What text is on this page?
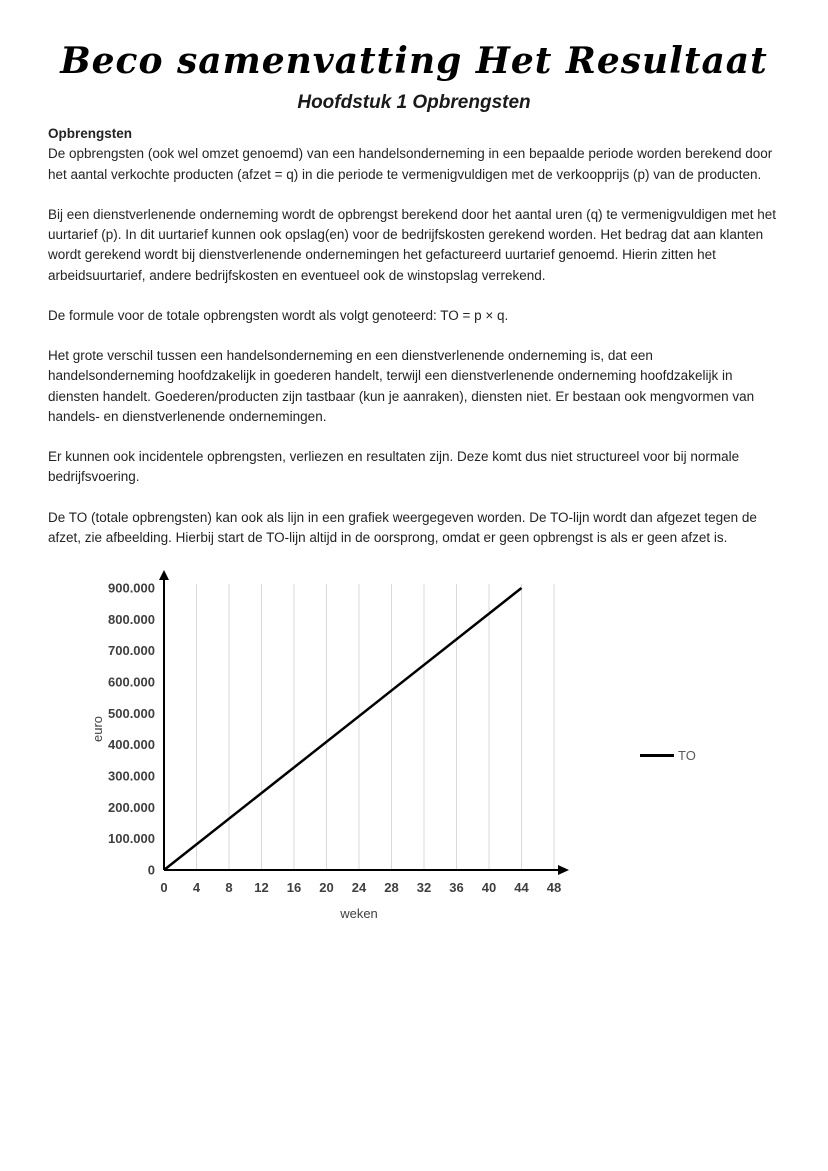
Beco samenvatting Het Resultaat
Hoofdstuk 1 Opbrengsten
Opbrengsten

De opbrengsten (ook wel omzet genoemd) van een handelsonderneming in een bepaalde periode worden berekend door het aantal verkochte producten (afzet = q) in die periode te vermenigvuldigen met de verkoopprijs (p) van de producten.

Bij een dienstverlenende onderneming wordt de opbrengst berekend door het aantal uren (q) te vermenigvuldigen met het uurtarief (p). In dit uurtarief kunnen ook opslag(en) voor de bedrijfskosten gerekend worden. Het bedrag dat aan klanten wordt gerekend wordt bij dienstverlenende ondernemingen het gefactureerd uurtarief genoemd. Hierin zitten het arbeidsuurtarief, andere bedrijfskosten en eventueel ook de winstopslag verrekend.

De formule voor de totale opbrengsten wordt als volgt genoteerd: TO = p × q.

Het grote verschil tussen een handelsonderneming en een dienstverlenende onderneming is, dat een handelsonderneming hoofdzakelijk in goederen handelt, terwijl een dienstverlenende onderneming hoofdzakelijk in diensten handelt. Goederen/producten zijn tastbaar (kun je aanraken), diensten niet. Er bestaan ook mengvormen van handels- en dienstverlenende ondernemingen.

Er kunnen ook incidentele opbrengsten, verliezen en resultaten zijn. Deze komt dus niet structureel voor bij normale bedrijfsvoering.

De TO (totale opbrengsten) kan ook als lijn in een grafiek weergegeven worden. De TO-lijn wordt dan afgezet tegen de afzet, zie afbeelding. Hierbij start de TO-lijn altijd in de oorsprong, omdat er geen opbrengst is als er geen afzet is.

0
100.000
200.000
300.000
400.000
500.000
600.000
700.000
800.000
900.000
0 4 8 12 16 20 24 28 32 36 40 44 48
euro
weken
TO
